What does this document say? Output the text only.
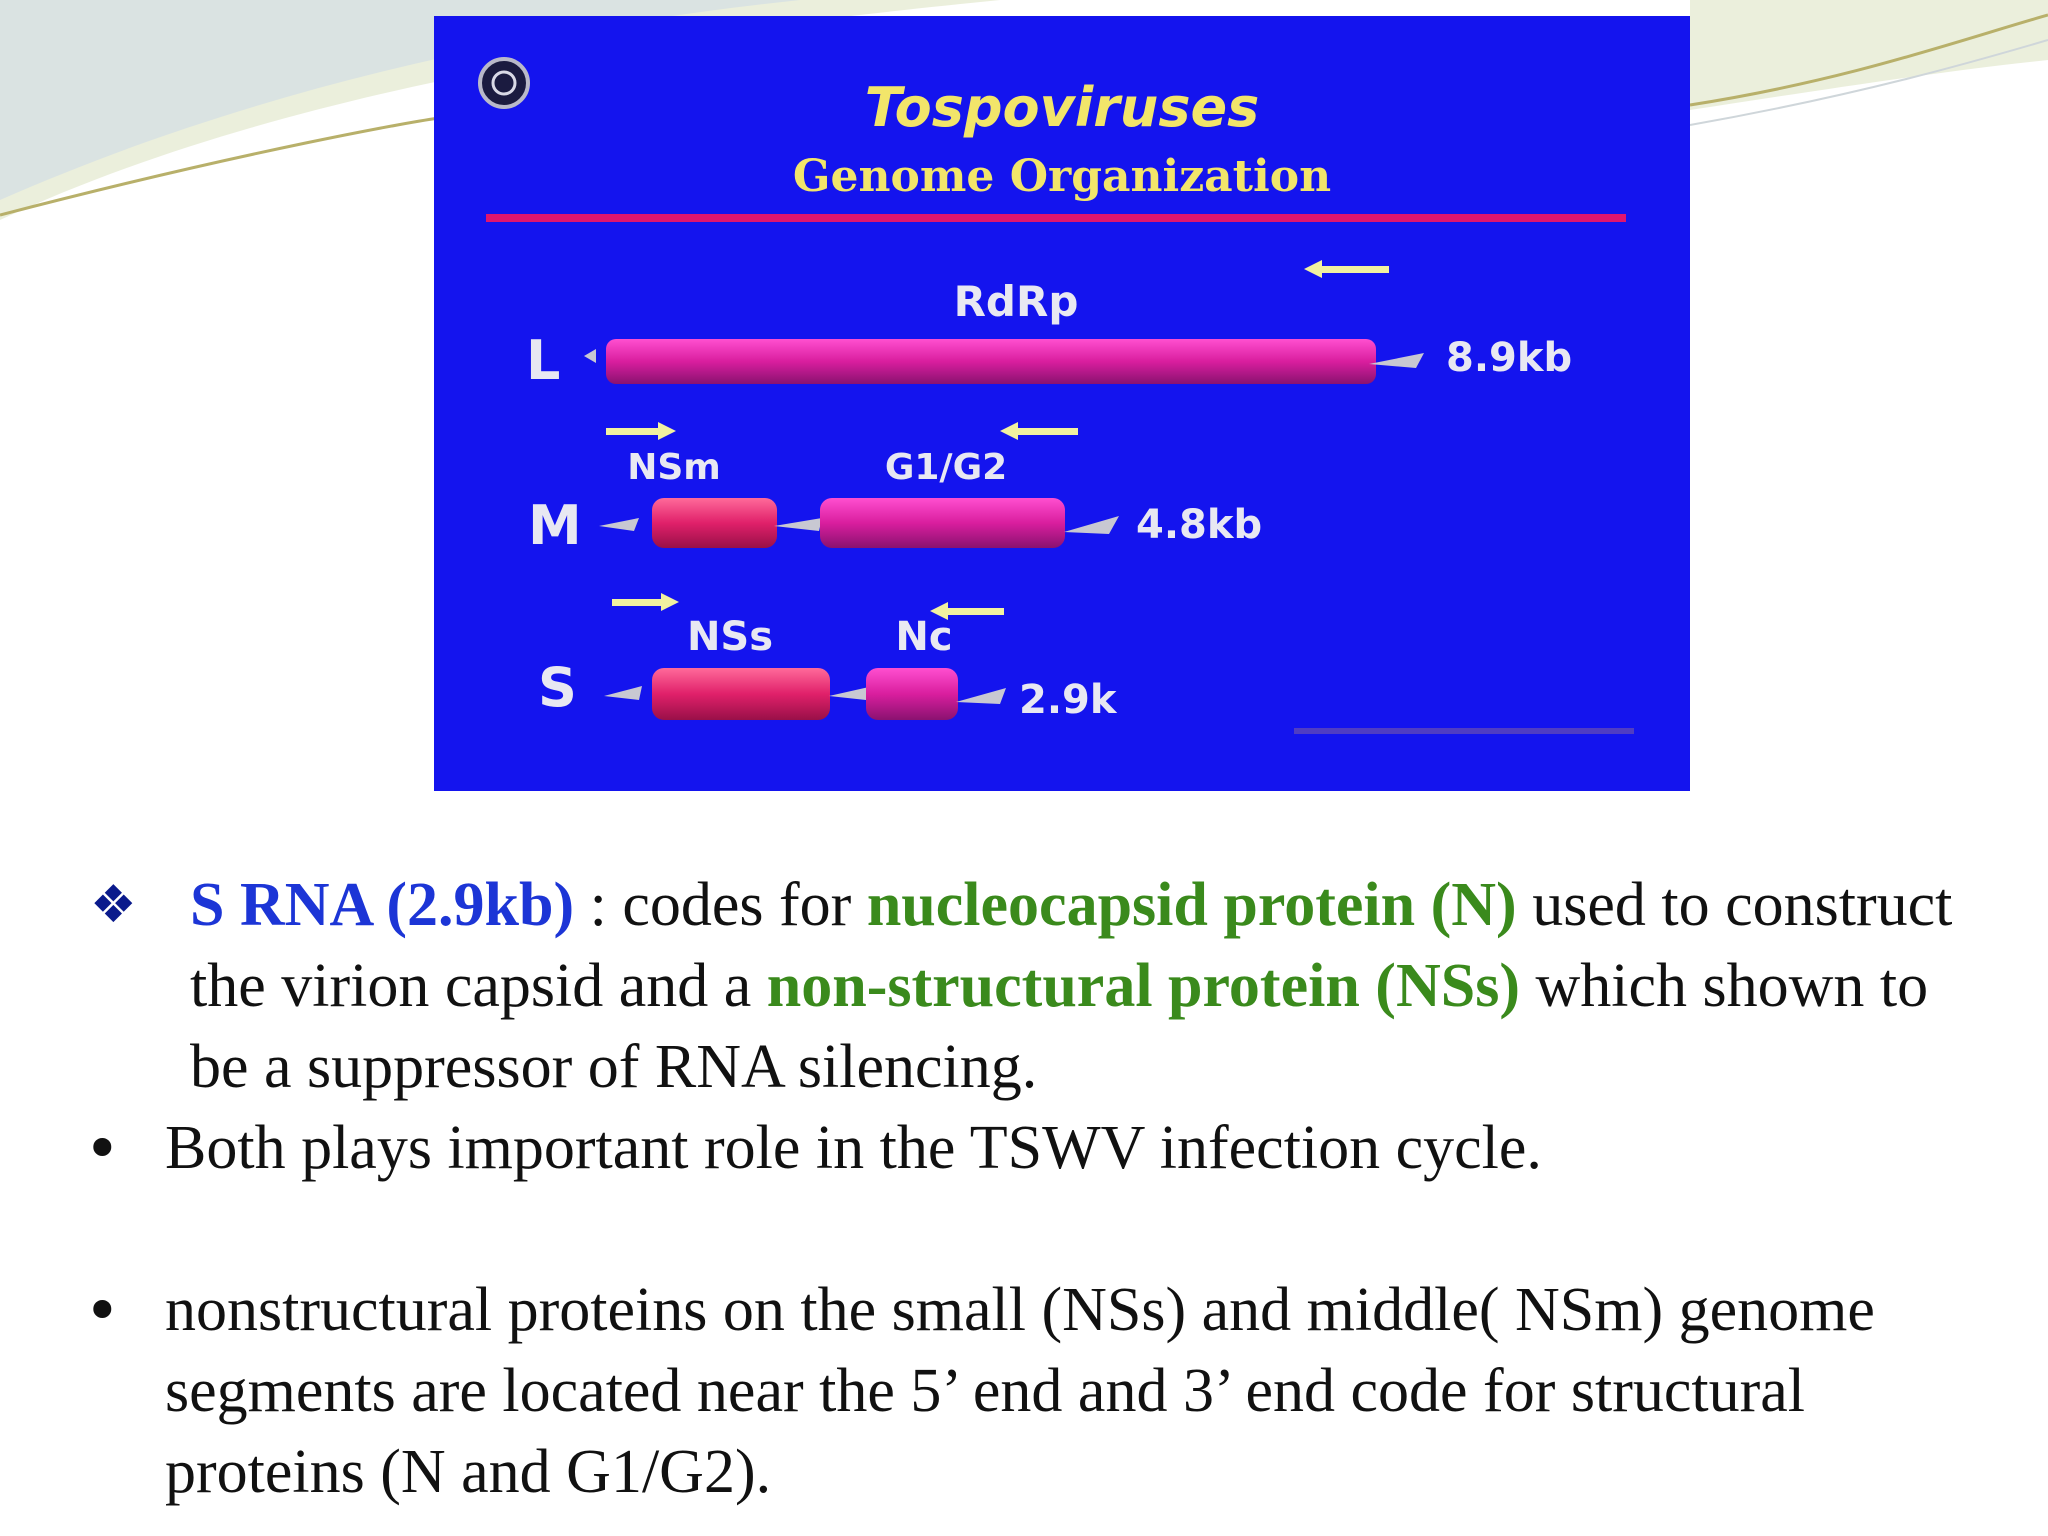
Tospoviruses
Genome Organization
L
RdRp
8.9kb
M
NSm	G1/G2
4.8kb
S
NSs	Nc
2.9k
❖ S RNA (2.9kb) : codes for nucleocapsid protein (N) used to construct the virion capsid and a non-structural protein (NSs) which shown to be a suppressor of RNA silencing.
• Both plays important role in the TSWV infection cycle.
• nonstructural proteins on the small (NSs) and middle( NSm) genome segments are located near the 5’ end and 3’ end code for structural proteins (N and G1/G2).
